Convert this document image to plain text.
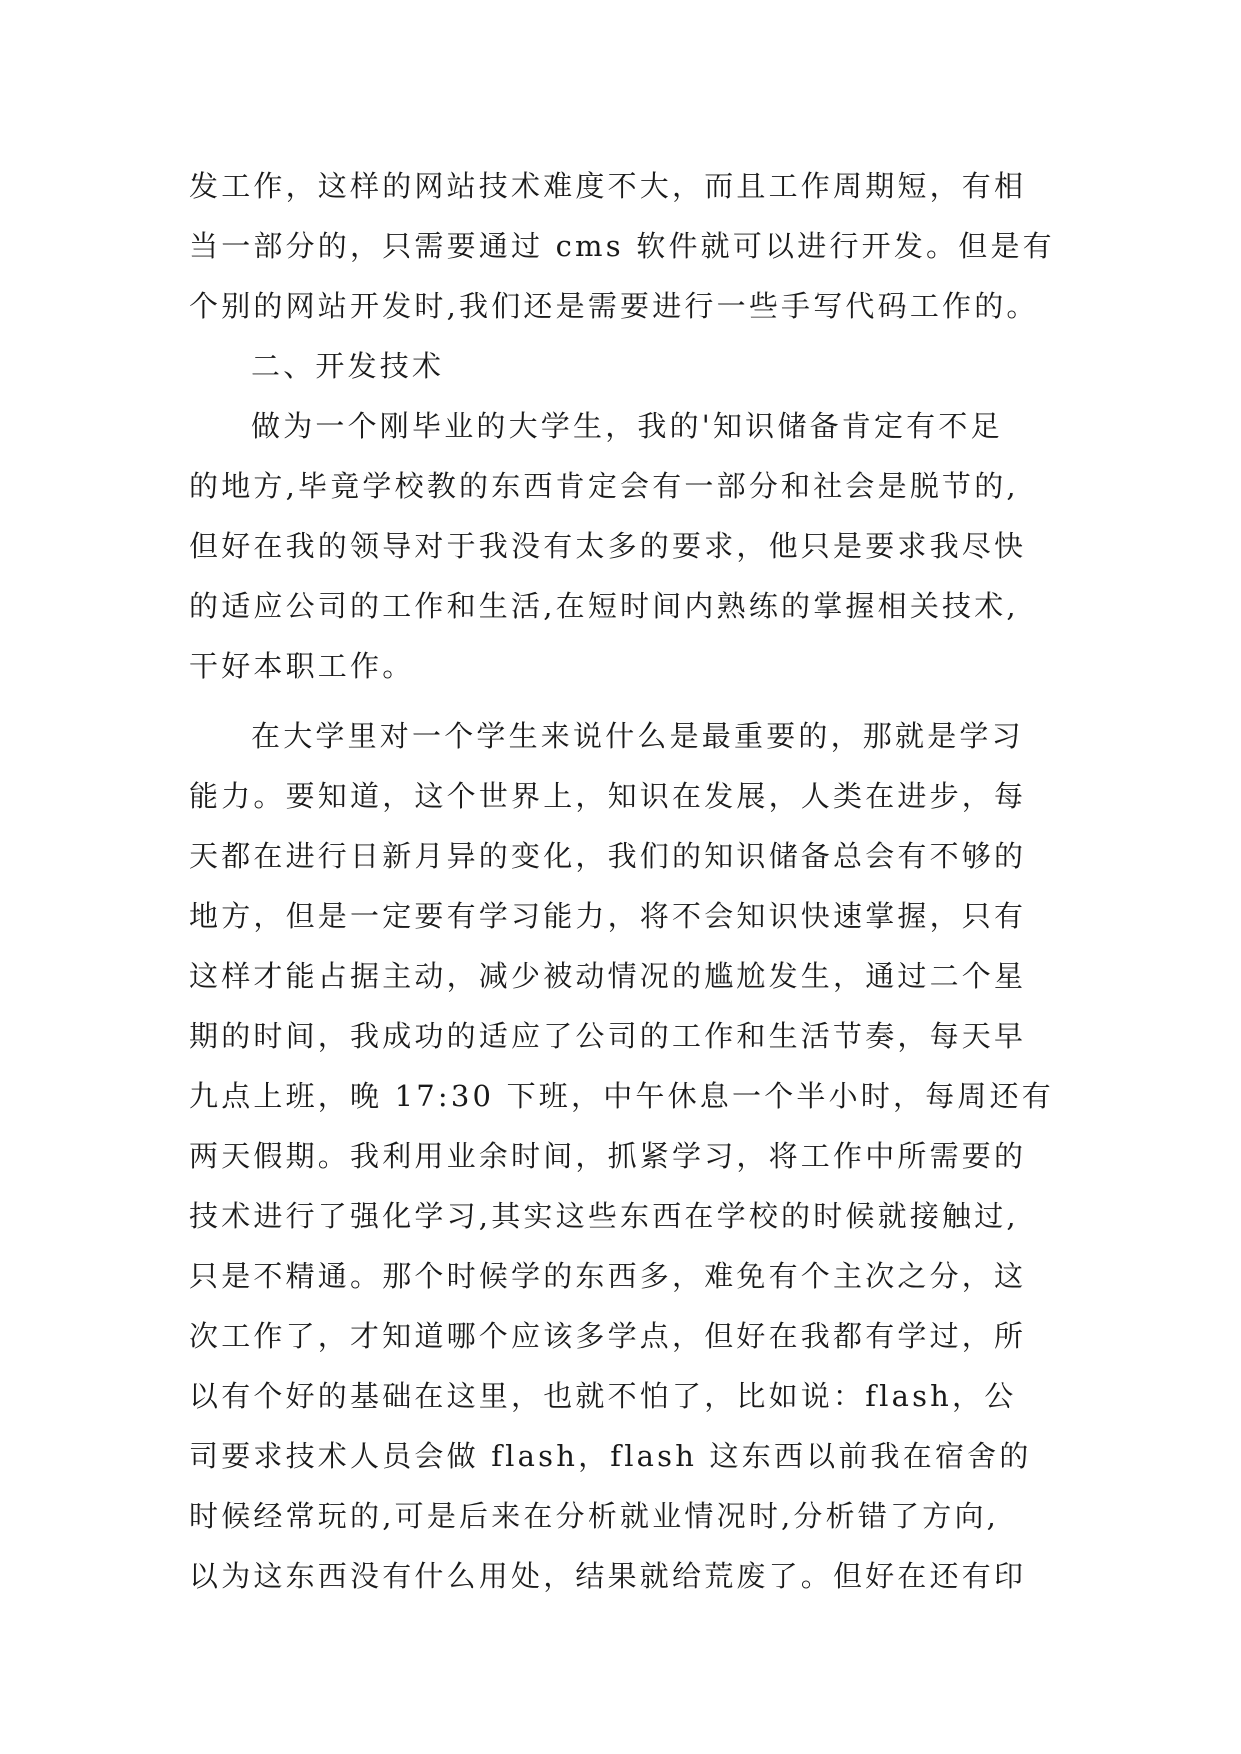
发工作，这样的网站技术难度不大，而且工作周期短，有相
当一部分的，只需要通过 cms 软件就可以进行开发。但是有
个别的网站开发时,我们还是需要进行一些手写代码工作的。
二、开发技术
做为一个刚毕业的大学生，我的'知识储备肯定有不足
的地方,毕竟学校教的东西肯定会有一部分和社会是脱节的,
但好在我的领导对于我没有太多的要求，他只是要求我尽快
的适应公司的工作和生活,在短时间内熟练的掌握相关技术,
干好本职工作。
在大学里对一个学生来说什么是最重要的，那就是学习
能力。要知道，这个世界上，知识在发展，人类在进步，每
天都在进行日新月异的变化，我们的知识储备总会有不够的
地方，但是一定要有学习能力，将不会知识快速掌握，只有
这样才能占据主动，减少被动情况的尴尬发生，通过二个星
期的时间，我成功的适应了公司的工作和生活节奏，每天早
九点上班，晚 17:30 下班，中午休息一个半小时，每周还有
两天假期。我利用业余时间，抓紧学习，将工作中所需要的
技术进行了强化学习,其实这些东西在学校的时候就接触过,
只是不精通。那个时候学的东西多，难免有个主次之分，这
次工作了，才知道哪个应该多学点，但好在我都有学过，所
以有个好的基础在这里，也就不怕了，比如说：flash，公
司要求技术人员会做 flash，flash 这东西以前我在宿舍的
时候经常玩的,可是后来在分析就业情况时,分析错了方向,
以为这东西没有什么用处，结果就给荒废了。但好在还有印
